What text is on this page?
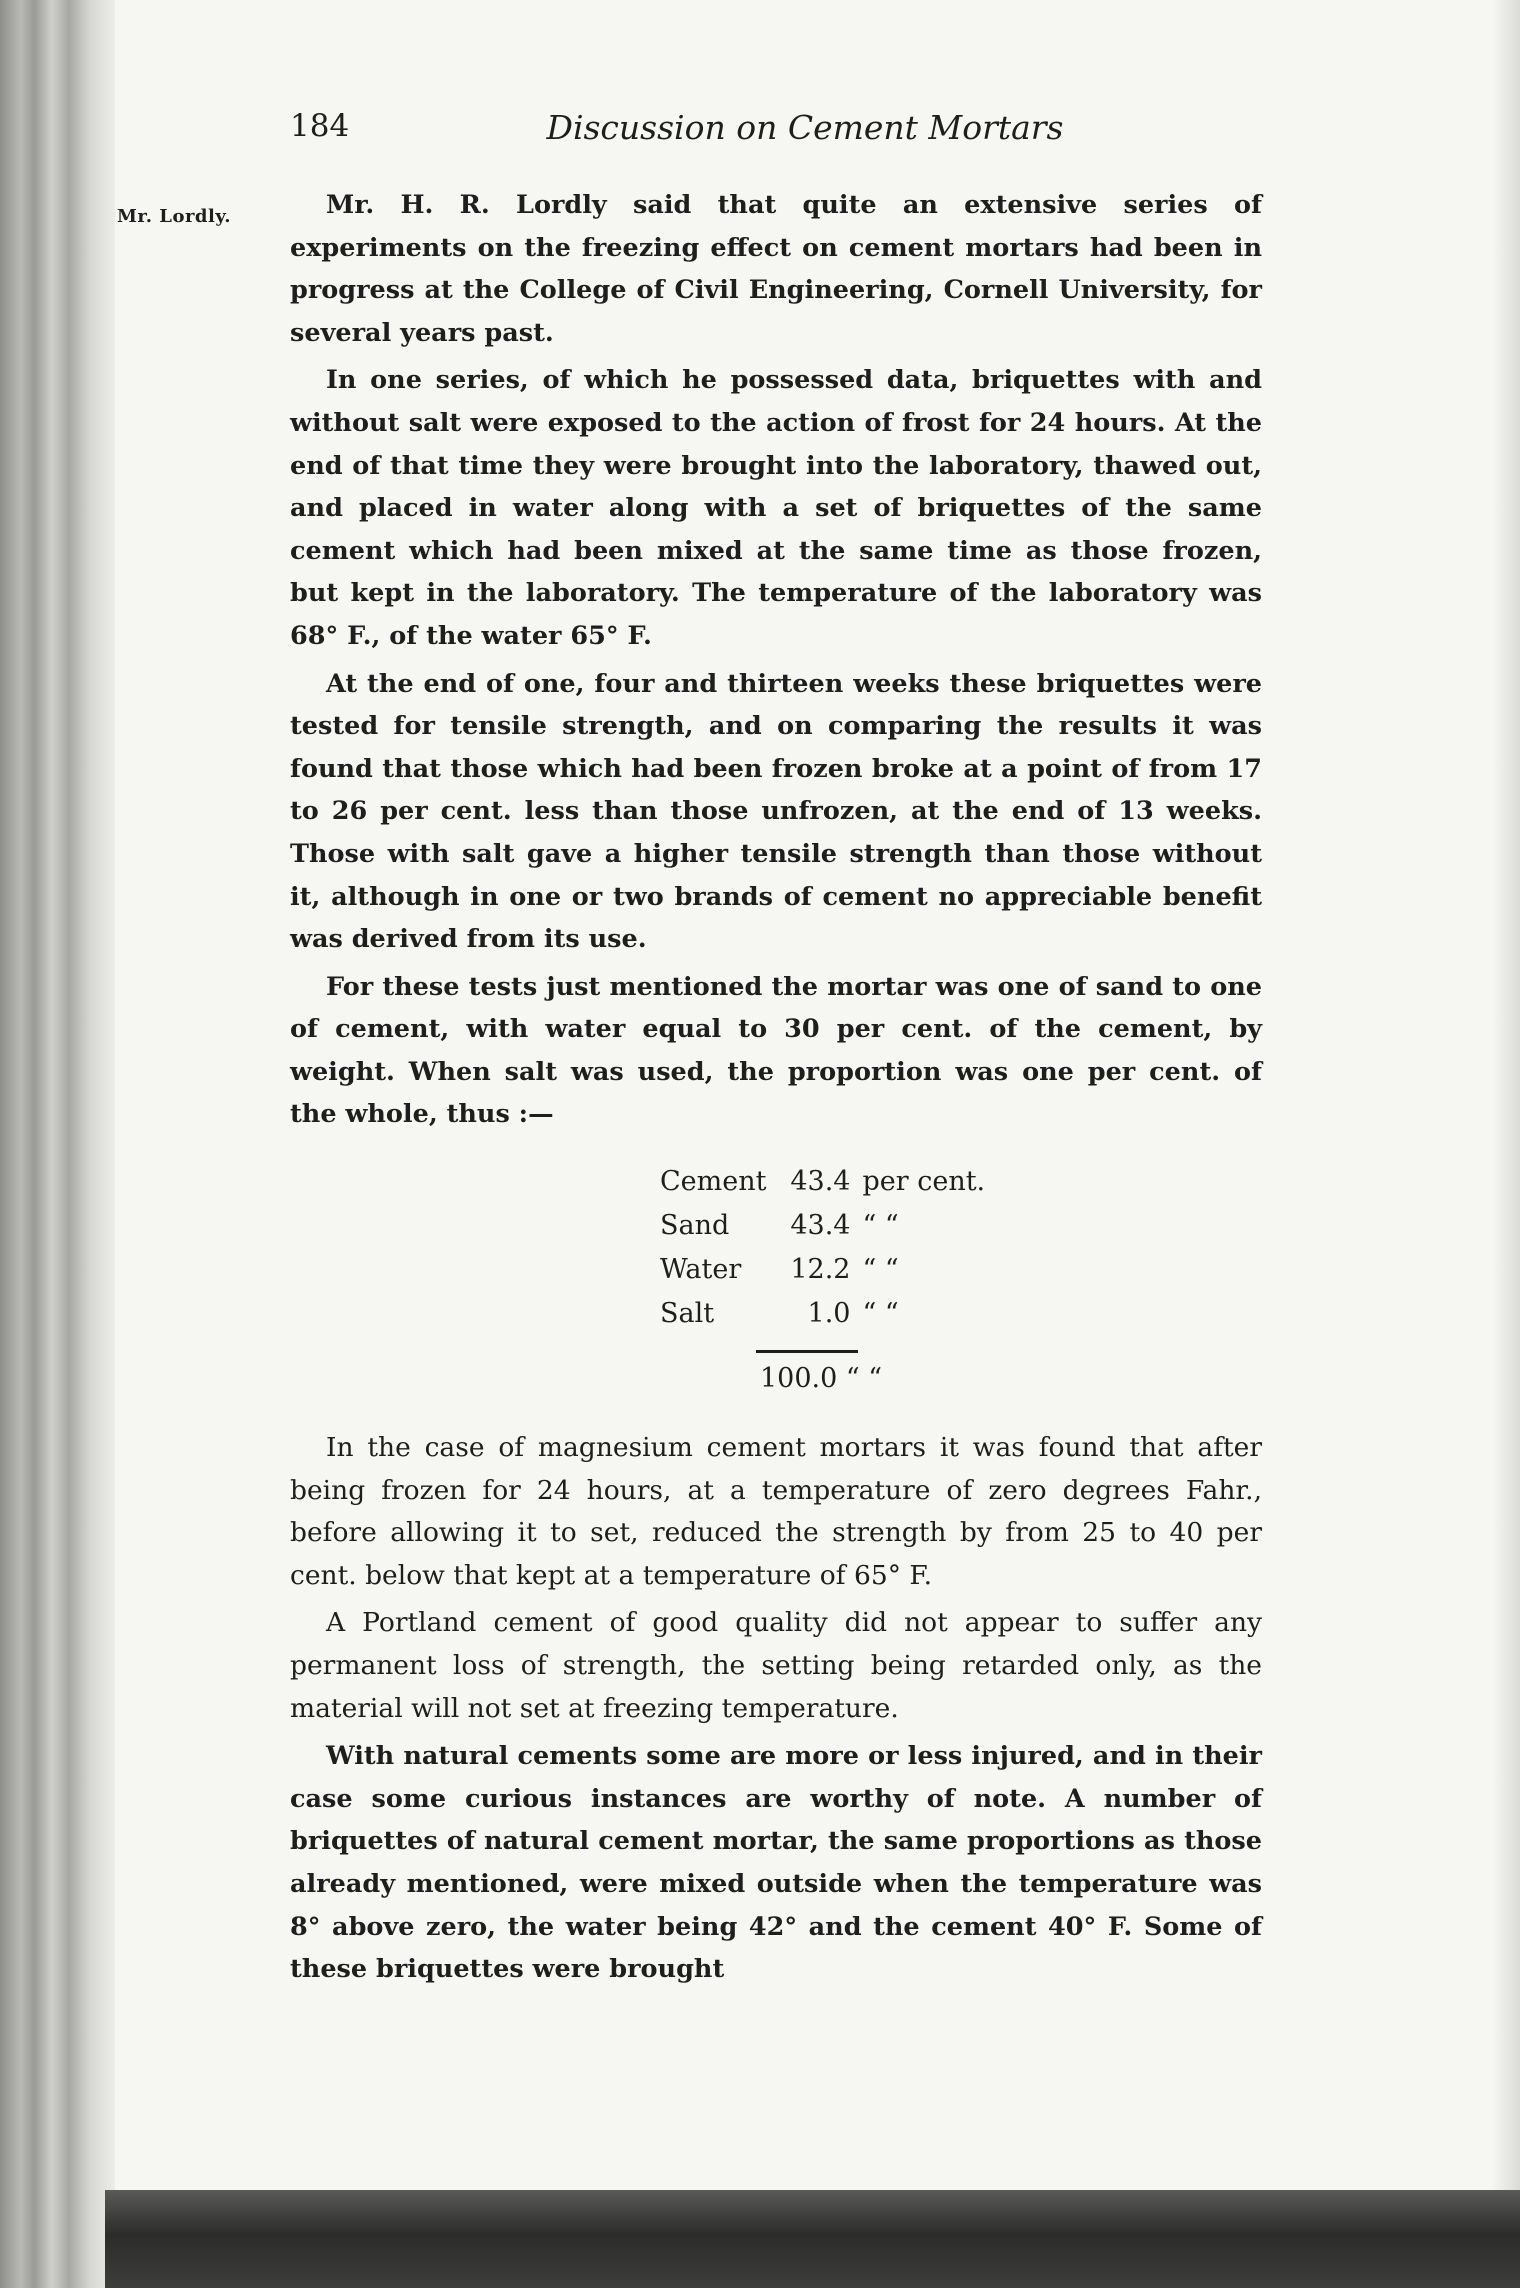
184	Discussion on Cement Mortars
Mr. Lordly.	Mr. H. R. Lordly said that quite an extensive series of experiments on the freezing effect on cement mortars had been in progress at the College of Civil Engineering, Cornell University, for several years past.

In one series, of which he possessed data, briquettes with and without salt were exposed to the action of frost for 24 hours. At the end of that time they were brought into the laboratory, thawed out, and placed in water along with a set of briquettes of the same cement which had been mixed at the same time as those frozen, but kept in the laboratory. The temperature of the laboratory was 68° F., of the water 65° F.

At the end of one, four and thirteen weeks these briquettes were tested for tensile strength, and on comparing the results it was found that those which had been frozen broke at a point of from 17 to 26 per cent. less than those unfrozen, at the end of 13 weeks. Those with salt gave a higher tensile strength than those without it, although in one or two brands of cement no appreciable benefit was derived from its use.

For these tests just mentioned the mortar was one of sand to one of cement, with water equal to 30 per cent. of the cement, by weight. When salt was used, the proportion was one per cent. of the whole, thus :—

Cement	43.4	per cent.
Sand	43.4	“ “
Water	12.2	“ “
Salt	1.0	“ “
100.0 “ “

In the case of magnesium cement mortars it was found that after being frozen for 24 hours, at a temperature of zero degrees Fahr., before allowing it to set, reduced the strength by from 25 to 40 per cent. below that kept at a temperature of 65° F.

A Portland cement of good quality did not appear to suffer any permanent loss of strength, the setting being retarded only, as the material will not set at freezing temperature.

With natural cements some are more or less injured, and in their case some curious instances are worthy of note. A number of briquettes of natural cement mortar, the same proportions as those already mentioned, were mixed outside when the temperature was 8° above zero, the water being 42° and the cement 40° F. Some of these briquettes were brought
